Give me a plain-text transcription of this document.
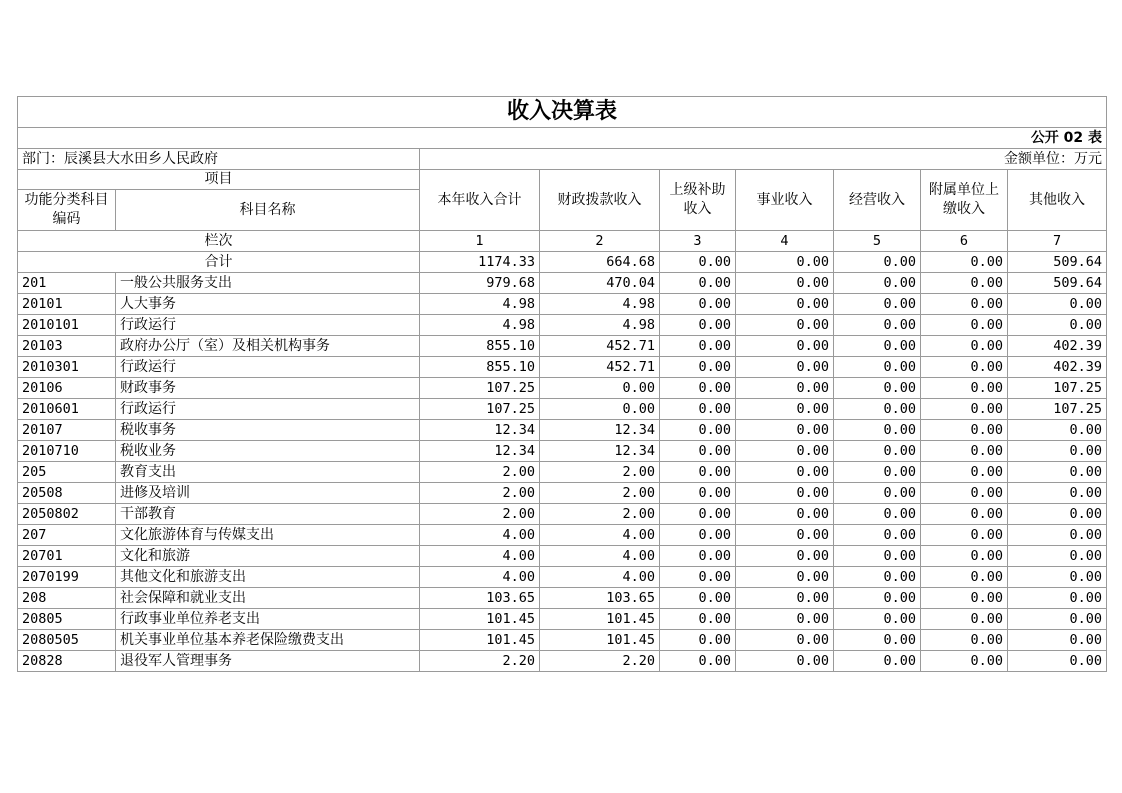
收入决算表								
公开 02 表								
部门：辰溪县大水田乡人民政府		金额单位：万元						
项目		本年收入合计	财政拨款收入	上级补助收入	事业收入	经营收入	附属单位上缴收入	其他收入
功能分类科目编码	科目名称							
栏次		1	2	3	4	5	6	7
合计		1174.33	664.68	0.00	0.00	0.00	0.00	509.64
201	一般公共服务支出	979.68	470.04	0.00	0.00	0.00	0.00	509.64
20101	人大事务	4.98	4.98	0.00	0.00	0.00	0.00	0.00
2010101	行政运行	4.98	4.98	0.00	0.00	0.00	0.00	0.00
20103	政府办公厅（室）及相关机构事务	855.10	452.71	0.00	0.00	0.00	0.00	402.39
2010301	行政运行	855.10	452.71	0.00	0.00	0.00	0.00	402.39
20106	财政事务	107.25	0.00	0.00	0.00	0.00	0.00	107.25
2010601	行政运行	107.25	0.00	0.00	0.00	0.00	0.00	107.25
20107	税收事务	12.34	12.34	0.00	0.00	0.00	0.00	0.00
2010710	税收业务	12.34	12.34	0.00	0.00	0.00	0.00	0.00
205	教育支出	2.00	2.00	0.00	0.00	0.00	0.00	0.00
20508	进修及培训	2.00	2.00	0.00	0.00	0.00	0.00	0.00
2050802	干部教育	2.00	2.00	0.00	0.00	0.00	0.00	0.00
207	文化旅游体育与传媒支出	4.00	4.00	0.00	0.00	0.00	0.00	0.00
20701	文化和旅游	4.00	4.00	0.00	0.00	0.00	0.00	0.00
2070199	其他文化和旅游支出	4.00	4.00	0.00	0.00	0.00	0.00	0.00
208	社会保障和就业支出	103.65	103.65	0.00	0.00	0.00	0.00	0.00
20805	行政事业单位养老支出	101.45	101.45	0.00	0.00	0.00	0.00	0.00
2080505	机关事业单位基本养老保险缴费支出	101.45	101.45	0.00	0.00	0.00	0.00	0.00
20828	退役军人管理事务	2.20	2.20	0.00	0.00	0.00	0.00	0.00
